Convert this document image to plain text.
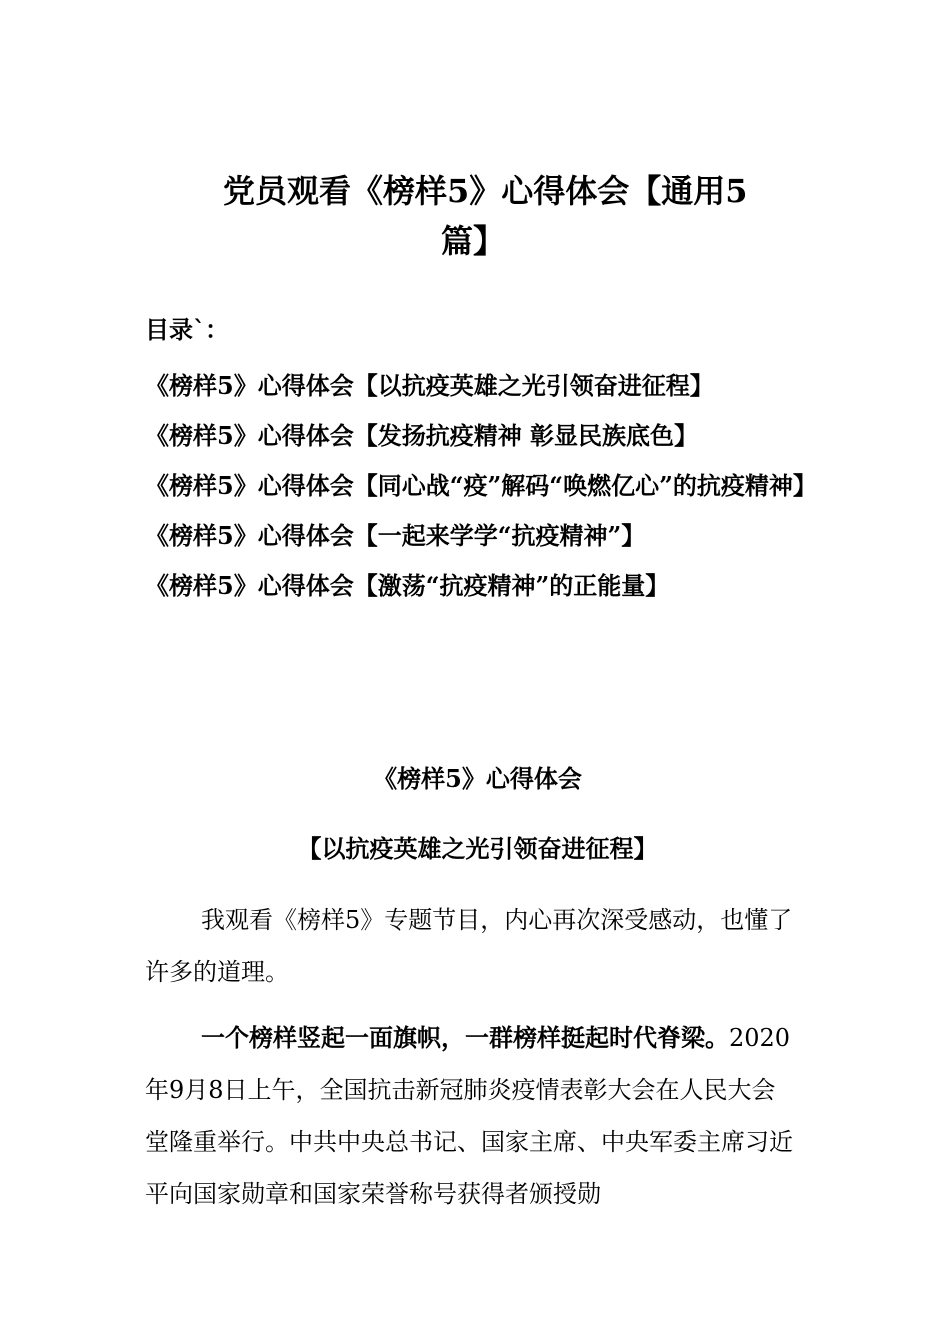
党员观看《榜样5》心得体会【通用5
篇】
目录`：
《榜样5》心得体会【以抗疫英雄之光引领奋进征程】
《榜样5》心得体会【发扬抗疫精神 彰显民族底色】
《榜样5》心得体会【同心战“疫”解码“唤燃亿心”的抗疫精神】
《榜样5》心得体会【一起来学学“抗疫精神”】
《榜样5》心得体会【激荡“抗疫精神”的正能量】
《榜样5》心得体会
【以抗疫英雄之光引领奋进征程】

我观看《榜样5》专题节目，内心再次深受感动，也懂了许多的道理。

一个榜样竖起一面旗帜，一群榜样挺起时代脊梁。2020年9月8日上午，全国抗击新冠肺炎疫情表彰大会在人民大会堂隆重举行。中共中央总书记、国家主席、中央军委主席习近平向国家勋章和国家荣誉称号获得者颁授勋
